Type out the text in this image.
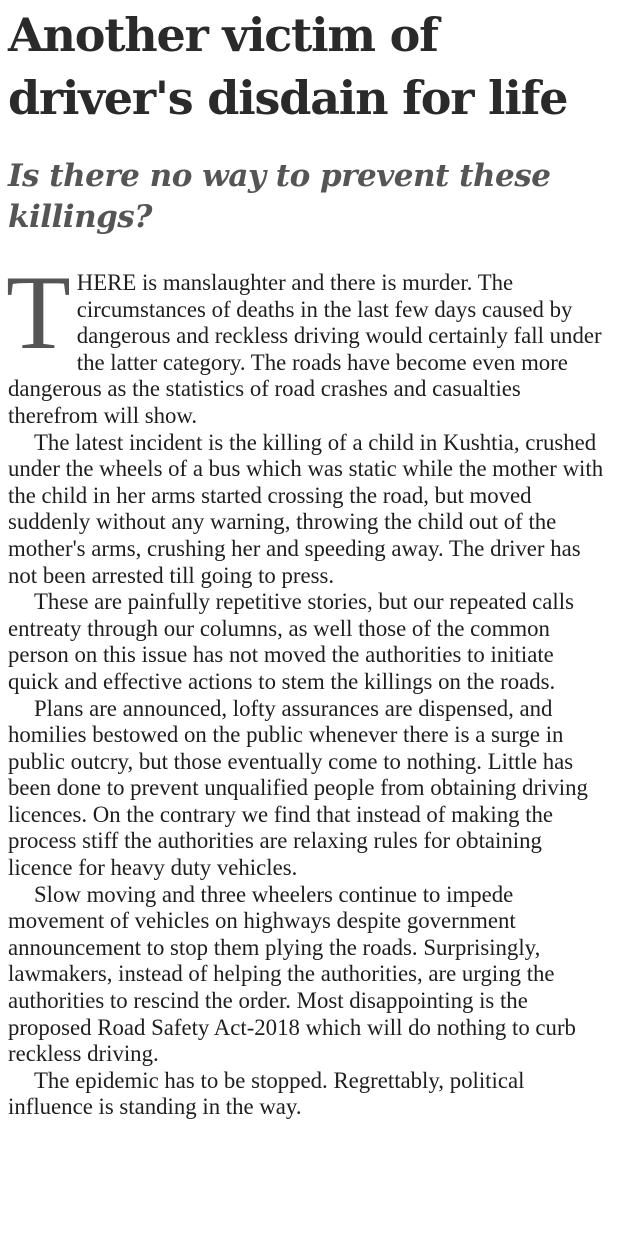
Another victim of driver's disdain for life
Is there no way to prevent these killings?

THERE is manslaughter and there is murder. The circumstances of deaths in the last few days caused by dangerous and reckless driving would certainly fall under the latter category. The roads have become even more dangerous as the statistics of road crashes and casualties therefrom will show.

The latest incident is the killing of a child in Kushtia, crushed under the wheels of a bus which was static while the mother with the child in her arms started crossing the road, but moved suddenly without any warning, throwing the child out of the mother's arms, crushing her and speeding away. The driver has not been arrested till going to press.

These are painfully repetitive stories, but our repeated calls entreaty through our columns, as well those of the common person on this issue has not moved the authorities to initiate quick and effective actions to stem the killings on the roads.

Plans are announced, lofty assurances are dispensed, and homilies bestowed on the public whenever there is a surge in public outcry, but those eventually come to nothing. Little has been done to prevent unqualified people from obtaining driving licences. On the contrary we find that instead of making the process stiff the authorities are relaxing rules for obtaining licence for heavy duty vehicles.

Slow moving and three wheelers continue to impede movement of vehicles on highways despite government announcement to stop them plying the roads. Surprisingly, lawmakers, instead of helping the authorities, are urging the authorities to rescind the order. Most disappointing is the proposed Road Safety Act-2018 which will do nothing to curb reckless driving.

The epidemic has to be stopped. Regrettably, political influence is standing in the way.
